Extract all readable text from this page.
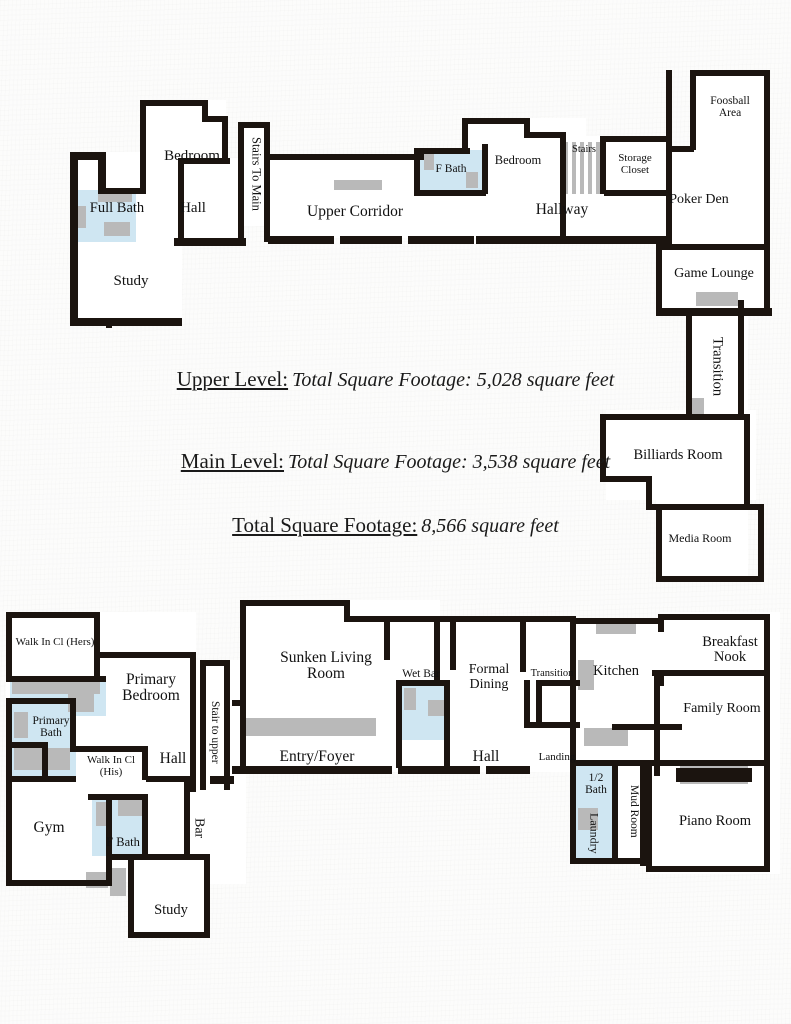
Upper Level: Total Square Footage: 5,028 square feet
Main Level: Total Square Footage: 3,538 square feet
Total Square Footage: 8,566 square feet
Foosball
Area
Bedroom	Stairs To Main
Upper Corridor
F Bath
Bedroom
Stairs
Storage
Closet
Hallway
Poker Den
Full Bath	Hall
Study	Game Lounge
Transition
Billiards Room
Media Room
Walk In Cl (Hers)
Primary
Bedroom
Sunken Living
Room	Wet Bar	Formal
Dining
Transition	Kitchen
Breakfast
Nook
Family Room
Primary
Bath
Walk In Cl
(His)
Hall	Stair to upper	Entry/Foyer	Hall	Landing
1/2
Bath	Mud Room
Laundry	Piano Room
Gym
F Bath
Bar
Study
